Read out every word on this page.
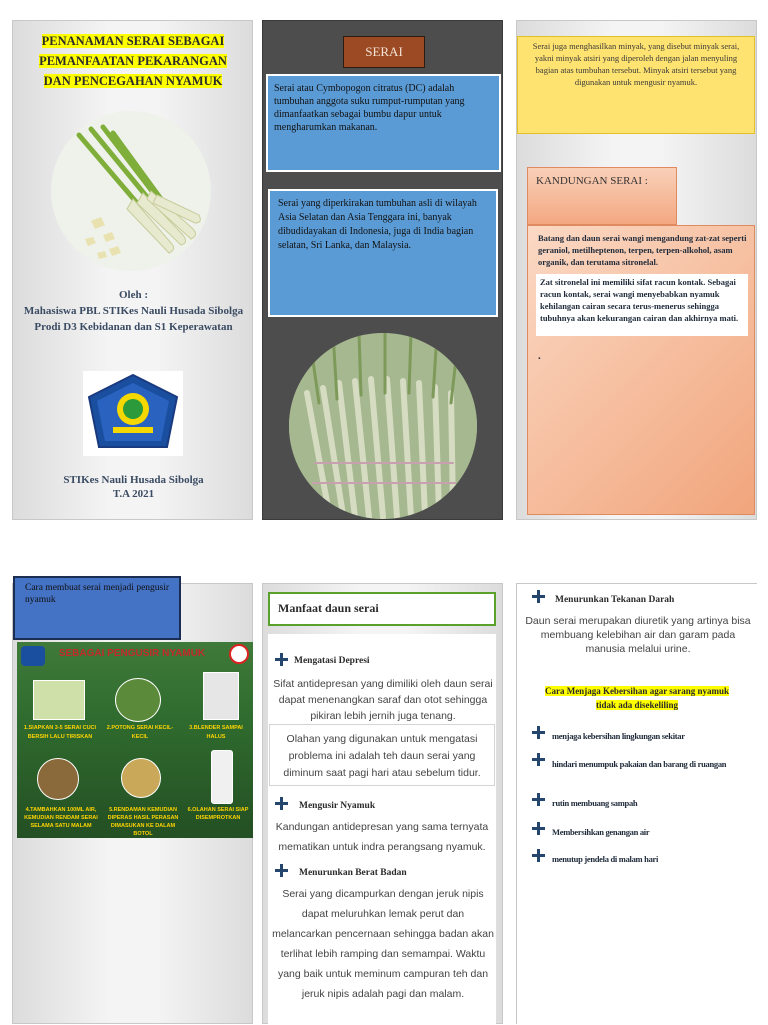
PENANAMAN SERAI SEBAGAI
PEMANFAATAN PEKARANGAN
DAN PENCEGAHAN NYAMUK
Oleh :
Mahasiswa PBL STIKes Nauli Husada Sibolga
Prodi D3 Kebidanan dan S1 Keperawatan
STIKes Nauli Husada Sibolga
T.A 2021
SERAI
Serai atau Cymbopogon citratus (DC) adalah tumbuhan anggota suku rumput-rumputan yang dimanfaatkan sebagai bumbu dapur untuk mengharumkan makanan.
Serai yang diperkirakan tumbuhan asli di wilayah Asia Selatan dan Asia Tenggara ini, banyak dibudidayakan di Indonesia, juga di India bagian selatan, Sri Lanka, dan Malaysia.
Serai juga menghasilkan minyak, yang disebut minyak serai, yakni minyak atsiri yang diperoleh dengan jalan menyuling bagian atas tumbuhan tersebut. Minyak atsiri tersebut yang digunakan untuk mengusir nyamuk.
KANDUNGAN SERAI :
Batang dan daun serai wangi mengandung zat-zat seperti geraniol, metilheptenon, terpen, terpen-alkohol, asam organik, dan terutama sitronelal.
Zat sitronelal ini memiliki sifat racun kontak. Sebagai racun kontak, serai wangi menyebabkan nyamuk kehilangan cairan secara terus-menerus sehingga tubuhnya akan kekurangan cairan dan akhirnya mati.
.
Cara membuat serai menjadi pengusir nyamuk
SEBAGAI PENGUSIR NYAMUK
1.SIAPKAN 3-5 SERAI CUCI BERSIH LALU TIRISKAN
2.POTONG SERAI KECIL-KECIL
3.BLENDER SAMPAI HALUS
4.TAMBAHKAN 100ML AIR, KEMUDIAN RENDAM SERAI SELAMA SATU MALAM
5.RENDAMAN KEMUDIAN DIPERAS HASIL PERASAN DIMASUKAN KE DALAM BOTOL
6.OLAHAN SERAI SIAP DISEMPROTKAN
Manfaat daun serai
Mengatasi Depresi
Sifat antidepresan yang dimiliki oleh daun serai dapat menenangkan saraf dan otot sehingga pikiran lebih jernih juga tenang.
Olahan yang digunakan untuk mengatasi problema ini adalah teh daun serai yang diminum saat pagi hari atau sebelum tidur.
Mengusir Nyamuk
Kandungan antidepresan yang sama ternyata mematikan untuk indra perangsang nyamuk.
Menurunkan Berat Badan
Serai yang dicampurkan dengan jeruk nipis dapat meluruhkan lemak perut dan melancarkan pencernaan sehingga badan akan terlihat lebih ramping dan semampai. Waktu yang baik untuk meminum campuran teh dan jeruk nipis adalah pagi dan malam.
Menurunkan Tekanan Darah
Daun serai merupakan diuretik yang artinya bisa membuang kelebihan air dan garam pada manusia melalui urine.
Cara Menjaga Kebersihan agar sarang nyamuk tidak ada disekeliling
menjaga kebersihan lingkungan sekitar
hindari menumpuk pakaian dan barang di ruangan
rutin membuang sampah
Membersihkan genangan air
menutup jendela di malam hari
